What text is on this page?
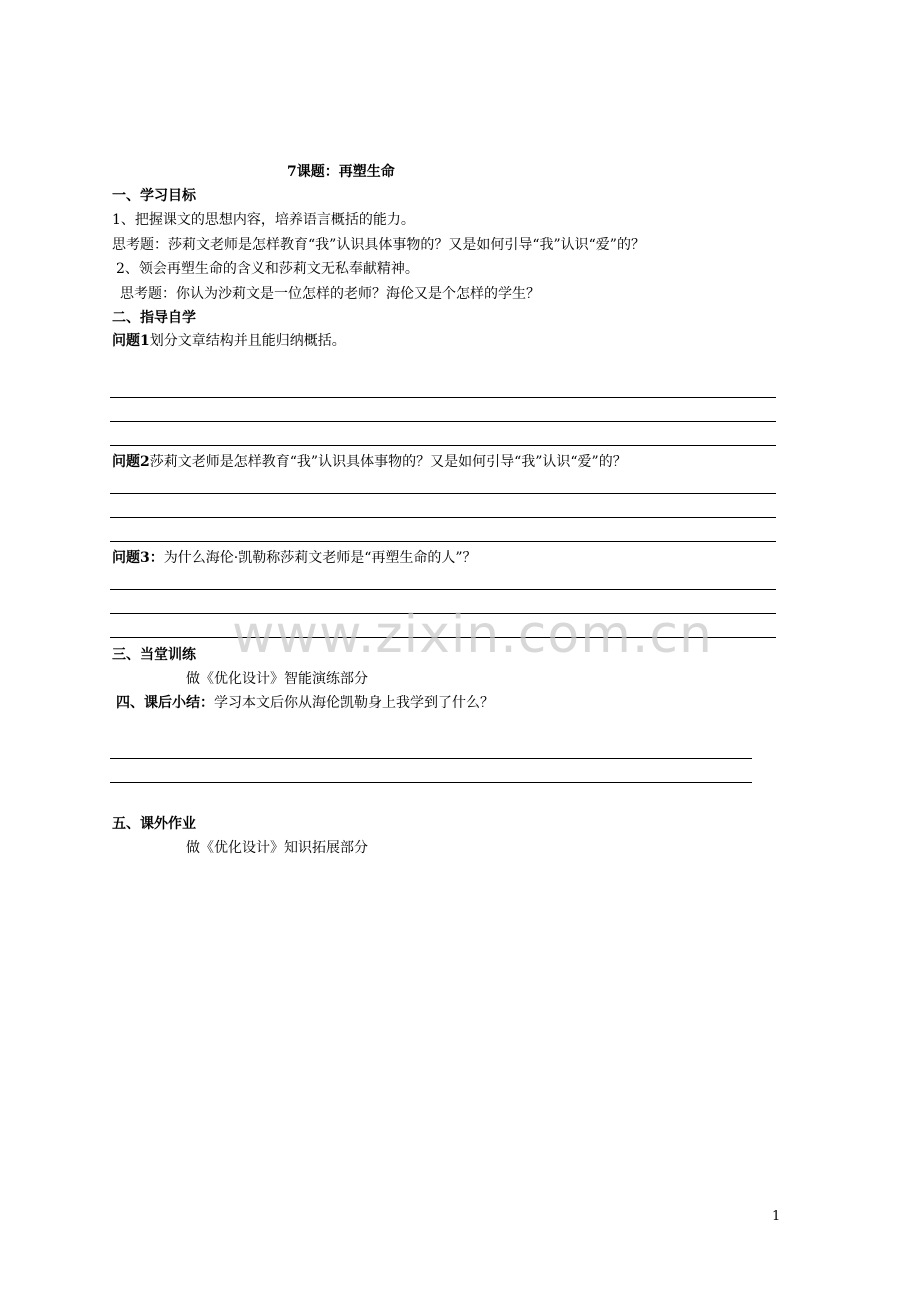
7课题：再塑生命
一、学习目标
1、把握课文的思想内容，培养语言概括的能力。
思考题：莎莉文老师是怎样教育“我”认识具体事物的？又是如何引导“我”认识“爱”的？
2、领会再塑生命的含义和莎莉文无私奉献精神。
思考题：你认为沙莉文是一位怎样的老师？海伦又是个怎样的学生？
二、指导自学
问题1划分文章结构并且能归纳概括。
问题2莎莉文老师是怎样教育“我”认识具体事物的？又是如何引导“我”认识“爱”的？
问题3：为什么海伦·凯勒称莎莉文老师是“再塑生命的人”？
三、当堂训练
做《优化设计》智能演练部分
四、课后小结：学习本文后你从海伦凯勒身上我学到了什么？
五、课外作业
做《优化设计》知识拓展部分
www.zixin.com.cn
1
